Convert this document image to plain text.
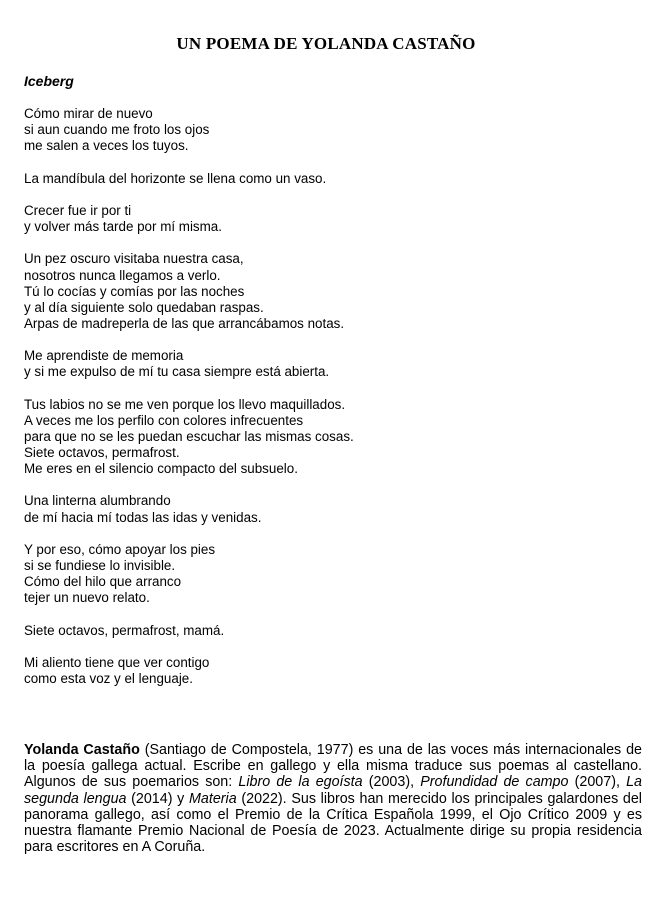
UN POEMA DE YOLANDA CASTAÑO
Iceberg
Cómo mirar de nuevo
si aun cuando me froto los ojos
me salen a veces los tuyos.
La mandíbula del horizonte se llena como un vaso.
Crecer fue ir por ti
y volver más tarde por mí misma.
Un pez oscuro visitaba nuestra casa,
nosotros nunca llegamos a verlo.
Tú lo cocías y comías por las noches
y al día siguiente solo quedaban raspas.
Arpas de madreperla de las que arrancábamos notas.
Me aprendiste de memoria
y si me expulso de mí tu casa siempre está abierta.
Tus labios no se me ven porque los llevo maquillados.
A veces me los perfilo con colores infrecuentes
para que no se les puedan escuchar las mismas cosas.
Siete octavos, permafrost.
Me eres en el silencio compacto del subsuelo.
Una linterna alumbrando
de mí hacia mí todas las idas y venidas.
Y por eso, cómo apoyar los pies
si se fundiese lo invisible.
Cómo del hilo que arranco
tejer un nuevo relato.
Siete octavos, permafrost, mamá.
Mi aliento tiene que ver contigo
como esta voz y el lenguaje.
Yolanda Castaño (Santiago de Compostela, 1977) es una de las voces más internacionales de la poesía gallega actual. Escribe en gallego y ella misma traduce sus poemas al castellano. Algunos de sus poemarios son: Libro de la egoísta (2003), Profundidad de campo (2007), La segunda lengua (2014) y Materia (2022). Sus libros han merecido los principales galardones del panorama gallego, así como el Premio de la Crítica Española 1999, el Ojo Crítico 2009 y es nuestra flamante Premio Nacional de Poesía de 2023. Actualmente dirige su propia residencia para escritores en A Coruña.
